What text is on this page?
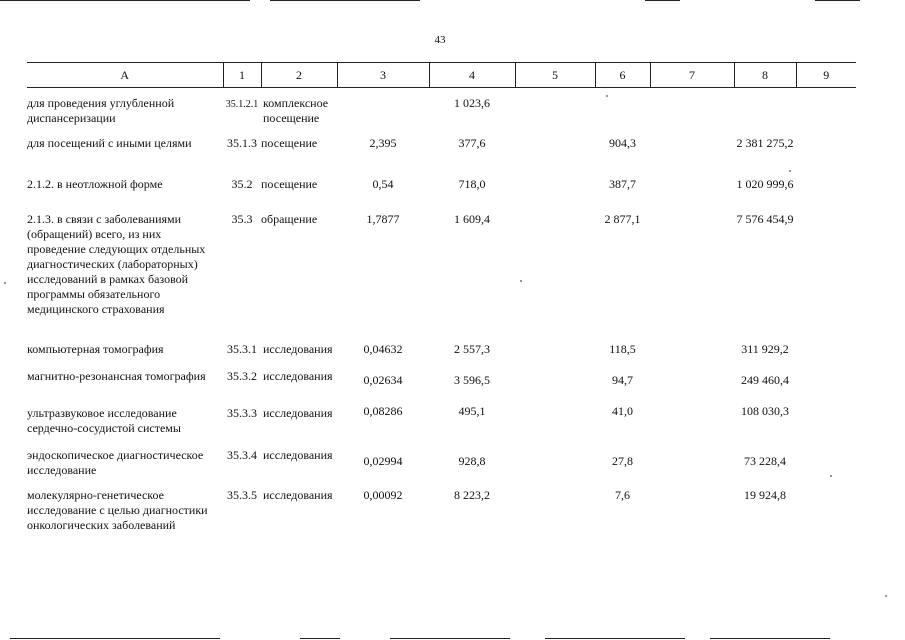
43
А	1	2	3	4	5	6	7	8	9
для проведения углубленной диспансеризации	35.1.2.1	комплексное посещение		1 023,6					
для посещений с иными целями	35.1.3	посещение	2,395	377,6		904,3		2 381 275,2	
2.1.2. в неотложной форме	35.2	посещение	0,54	718,0		387,7		1 020 999,6	
2.1.3. в связи с заболеваниями (обращений) всего, из них проведение следующих отдельных диагностических (лабораторных) исследований в рамках базовой программы обязательного медицинского страхования	35.3	обращение	1,7877	1 609,4		2 877,1		7 576 454,9	
компьютерная томография	35.3.1	исследования	0,04632	2 557,3		118,5		311 929,2	
магнитно-резонансная томография	35.3.2	исследования	0,02634	3 596,5		94,7		249 460,4	
ультразвуковое исследование сердечно-сосудистой системы	35.3.3	исследования	0,08286	495,1		41,0		108 030,3	
эндоскопическое диагностическое исследование	35.3.4	исследования	0,02994	928,8		27,8		73 228,4	
молекулярно-генетическое исследование с целью диагностики онкологических заболеваний	35.3.5	исследования	0,00092	8 223,2		7,6		19 924,8	
